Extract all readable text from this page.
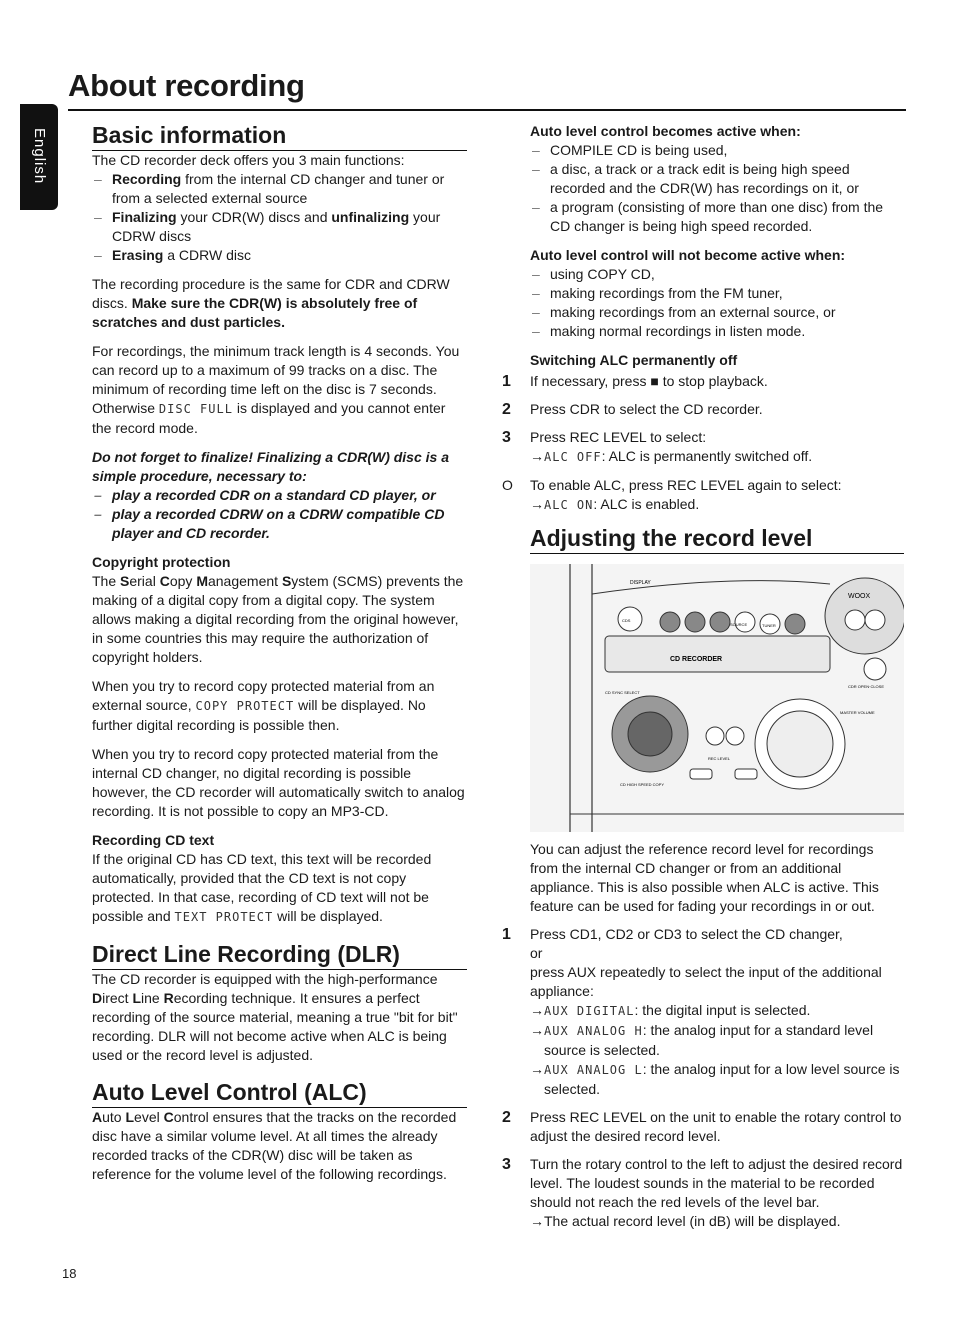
About recording
English Basic information

The CD recorder deck offers you 3 main functions:

– Recording from the internal CD changer and tuner or from a selected external source
– Finalizing your CDR(W) discs and unfinalizing your CDRW discs
– Erasing a CDRW disc

The recording procedure is the same for CDR and CDRW discs. Make sure the CDR(W) is absolutely free of scratches and dust particles.

For recordings, the minimum track length is 4 seconds. You can record up to a maximum of 99 tracks on a disc. The minimum of recording time left on the disc is 7 seconds. Otherwise DISC FULL is displayed and you cannot enter the record mode.

Do not forget to finalize! Finalizing a CDR(W) disc is a simple procedure, necessary to:

– play a recorded CDR on a standard CD player, or
– play a recorded CDRW on a CDRW compatible CD player and CD recorder.

Copyright protection

The Serial Copy Management System (SCMS) prevents the making of a digital copy from a digital copy. The system allows making a digital recording from the original however, in some countries this may require the authorization of copyright holders.

When you try to record copy protected material from an external source, COPY PROTECT will be displayed. No further digital recording is possible then.

When you try to record copy protected material from the internal CD changer, no digital recording is possible however, the CD recorder will automatically switch to analog recording. It is not possible to copy an MP3-CD.

Recording CD text

If the original CD has CD text, this text will be recorded automatically, provided that the CD text is not copy protected. In that case, recording of CD text will not be possible and TEXT PROTECT will be displayed.

Direct Line Recording (DLR)

The CD recorder is equipped with the high-performance Direct Line Recording technique. It ensures a perfect recording of the source material, meaning a true "bit for bit" recording. DLR will not become active when ALC is being used or the record level is adjusted.

Auto Level Control (ALC)

Auto Level Control ensures that the tracks on the recorded disc have a similar volume level. At all times the already recorded tracks of the CDR(W) disc will be taken as reference for the volume level of the following recordings.

Auto level control becomes active when:

– COMPILE CD is being used,
– a disc, a track or a track edit is being high speed recorded and the CDR(W) has recordings on it, or
– a program (consisting of more than one disc) from the CD changer is being high speed recorded.

Auto level control will not become active when:

– using COPY CD,
– making recordings from the FM tuner,
– making recordings from an external source, or
– making normal recordings in listen mode.

Switching ALC permanently off

1 If necessary, press ■ to stop playback.
2 Press CDR to select the CD recorder.
3 Press REC LEVEL to select:
→ ALC OFF: ALC is permanently switched off.
O To enable ALC, press REC LEVEL again to select:
→ ALC ON: ALC is enabled.
Adjusting the record level
CD RECORDER
WOOX
DISPLAY
CDS
SOURCE	TUNER
CDR OPEN·CLOSE
MASTER VOLUME
REC LEVEL
CD SYNC SELECT
CD HIGH SPEED COPY

You can adjust the reference record level for recordings from the internal CD changer or from an additional appliance. This is also possible when ALC is active. This feature can be used for fading your recordings in or out.

1 Press CD1, CD2 or CD3 to select the CD changer,
or
press AUX repeatedly to select the input of the additional appliance:
→ AUX DIGITAL: the digital input is selected.
→ AUX ANALOG H: the analog input for a standard level source is selected.
→ AUX ANALOG L: the analog input for a low level source is selected.
2 Press REC LEVEL on the unit to enable the rotary control to adjust the desired record level.
3 Turn the rotary control to the left to adjust the desired record level. The loudest sounds in the material to be recorded should not reach the red levels of the level bar.
→ The actual record level (in dB) will be displayed.
18
